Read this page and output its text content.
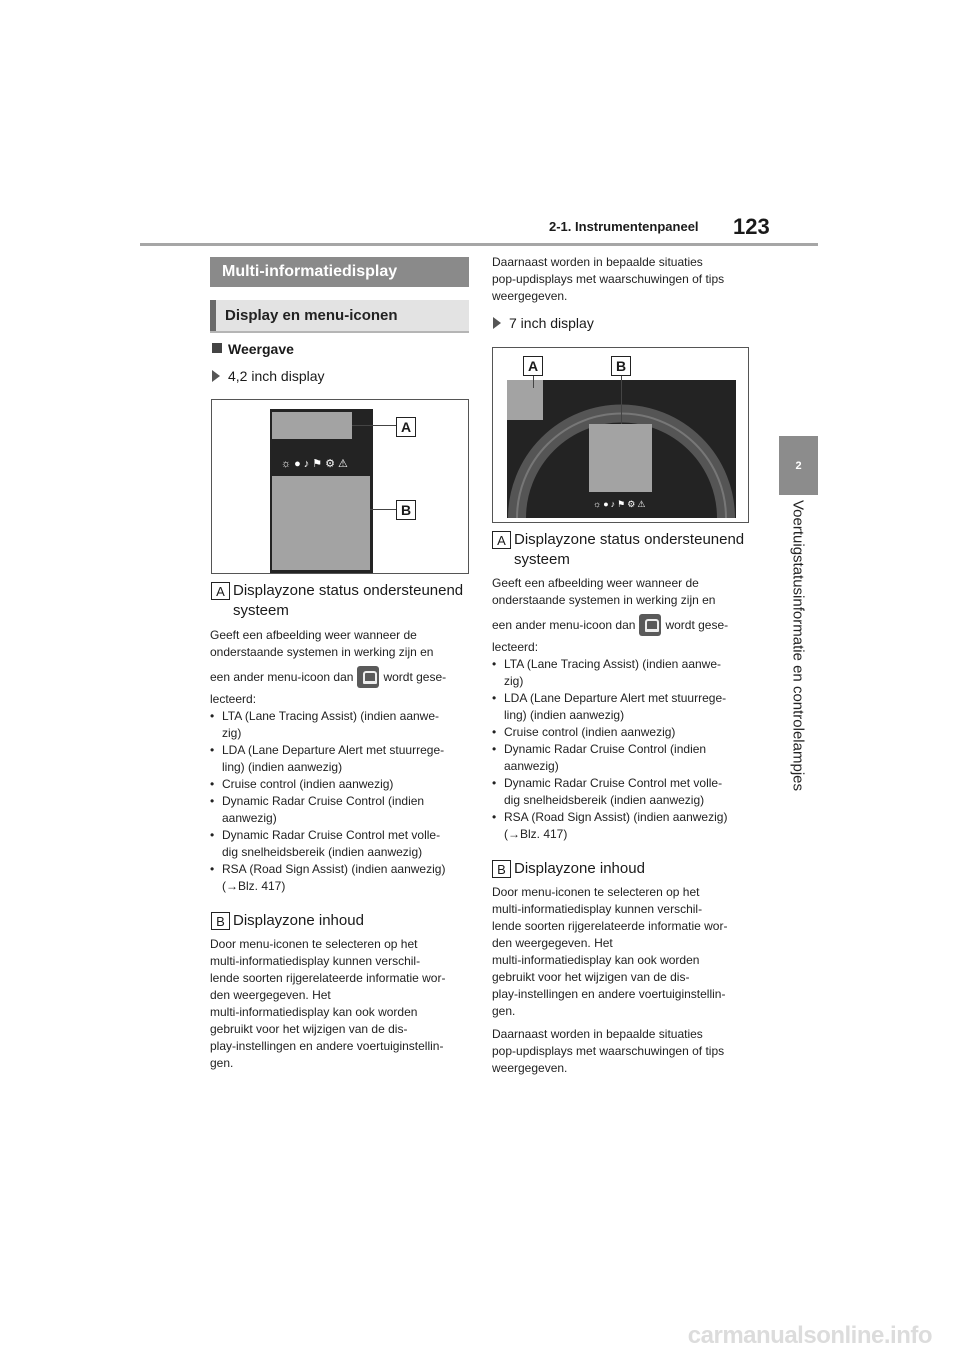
2-1. Instrumentenpaneel 123
2
Voertuigstatusinformatie en controlelampjes
Multi-informatiedisplay
Display en menu-iconen
Weergave
4,2 inch display
☼●♪⚑⚙⚠
A
B
A Displayzone status ondersteunend
systeem
Geeft een afbeelding weer wanneer de
onderstaande systemen in werking zijn en
een ander menu-icoon dan	wordt gese-
lecteerd:
• LTA (Lane Tracing Assist) (indien aanwe-
zig)
• LDA (Lane Departure Alert met stuurrege-
ling) (indien aanwezig)
• Cruise control (indien aanwezig)
• Dynamic Radar Cruise Control (indien
aanwezig)
• Dynamic Radar Cruise Control met volle-
dig snelheidsbereik (indien aanwezig)
• RSA (Road Sign Assist) (indien aanwezig)
(→Blz. 417)
B Displayzone inhoud
Door menu-iconen te selecteren op het
multi-informatiedisplay kunnen verschil-
lende soorten rijgerelateerde informatie wor-
den weergegeven. Het
multi-informatiedisplay kan ook worden
gebruikt voor het wijzigen van de dis-
play-instellingen en andere voertuiginstellin-
gen.
Daarnaast worden in bepaalde situaties
pop-updisplays met waarschuwingen of tips
weergegeven.
7 inch display
☼●♪⚑⚙⚠
A	B
A Displayzone status ondersteunend
systeem
Geeft een afbeelding weer wanneer de
onderstaande systemen in werking zijn en
een ander menu-icoon dan	wordt gese-
lecteerd:
• LTA (Lane Tracing Assist) (indien aanwe-
zig)
• LDA (Lane Departure Alert met stuurrege-
ling) (indien aanwezig)
• Cruise control (indien aanwezig)
• Dynamic Radar Cruise Control (indien
aanwezig)
• Dynamic Radar Cruise Control met volle-
dig snelheidsbereik (indien aanwezig)
• RSA (Road Sign Assist) (indien aanwezig)
(→Blz. 417)
B Displayzone inhoud
Door menu-iconen te selecteren op het
multi-informatiedisplay kunnen verschil-
lende soorten rijgerelateerde informatie wor-
den weergegeven. Het
multi-informatiedisplay kan ook worden
gebruikt voor het wijzigen van de dis-
play-instellingen en andere voertuiginstellin-
gen.
Daarnaast worden in bepaalde situaties
pop-updisplays met waarschuwingen of tips
weergegeven.
carmanualsonline.info
